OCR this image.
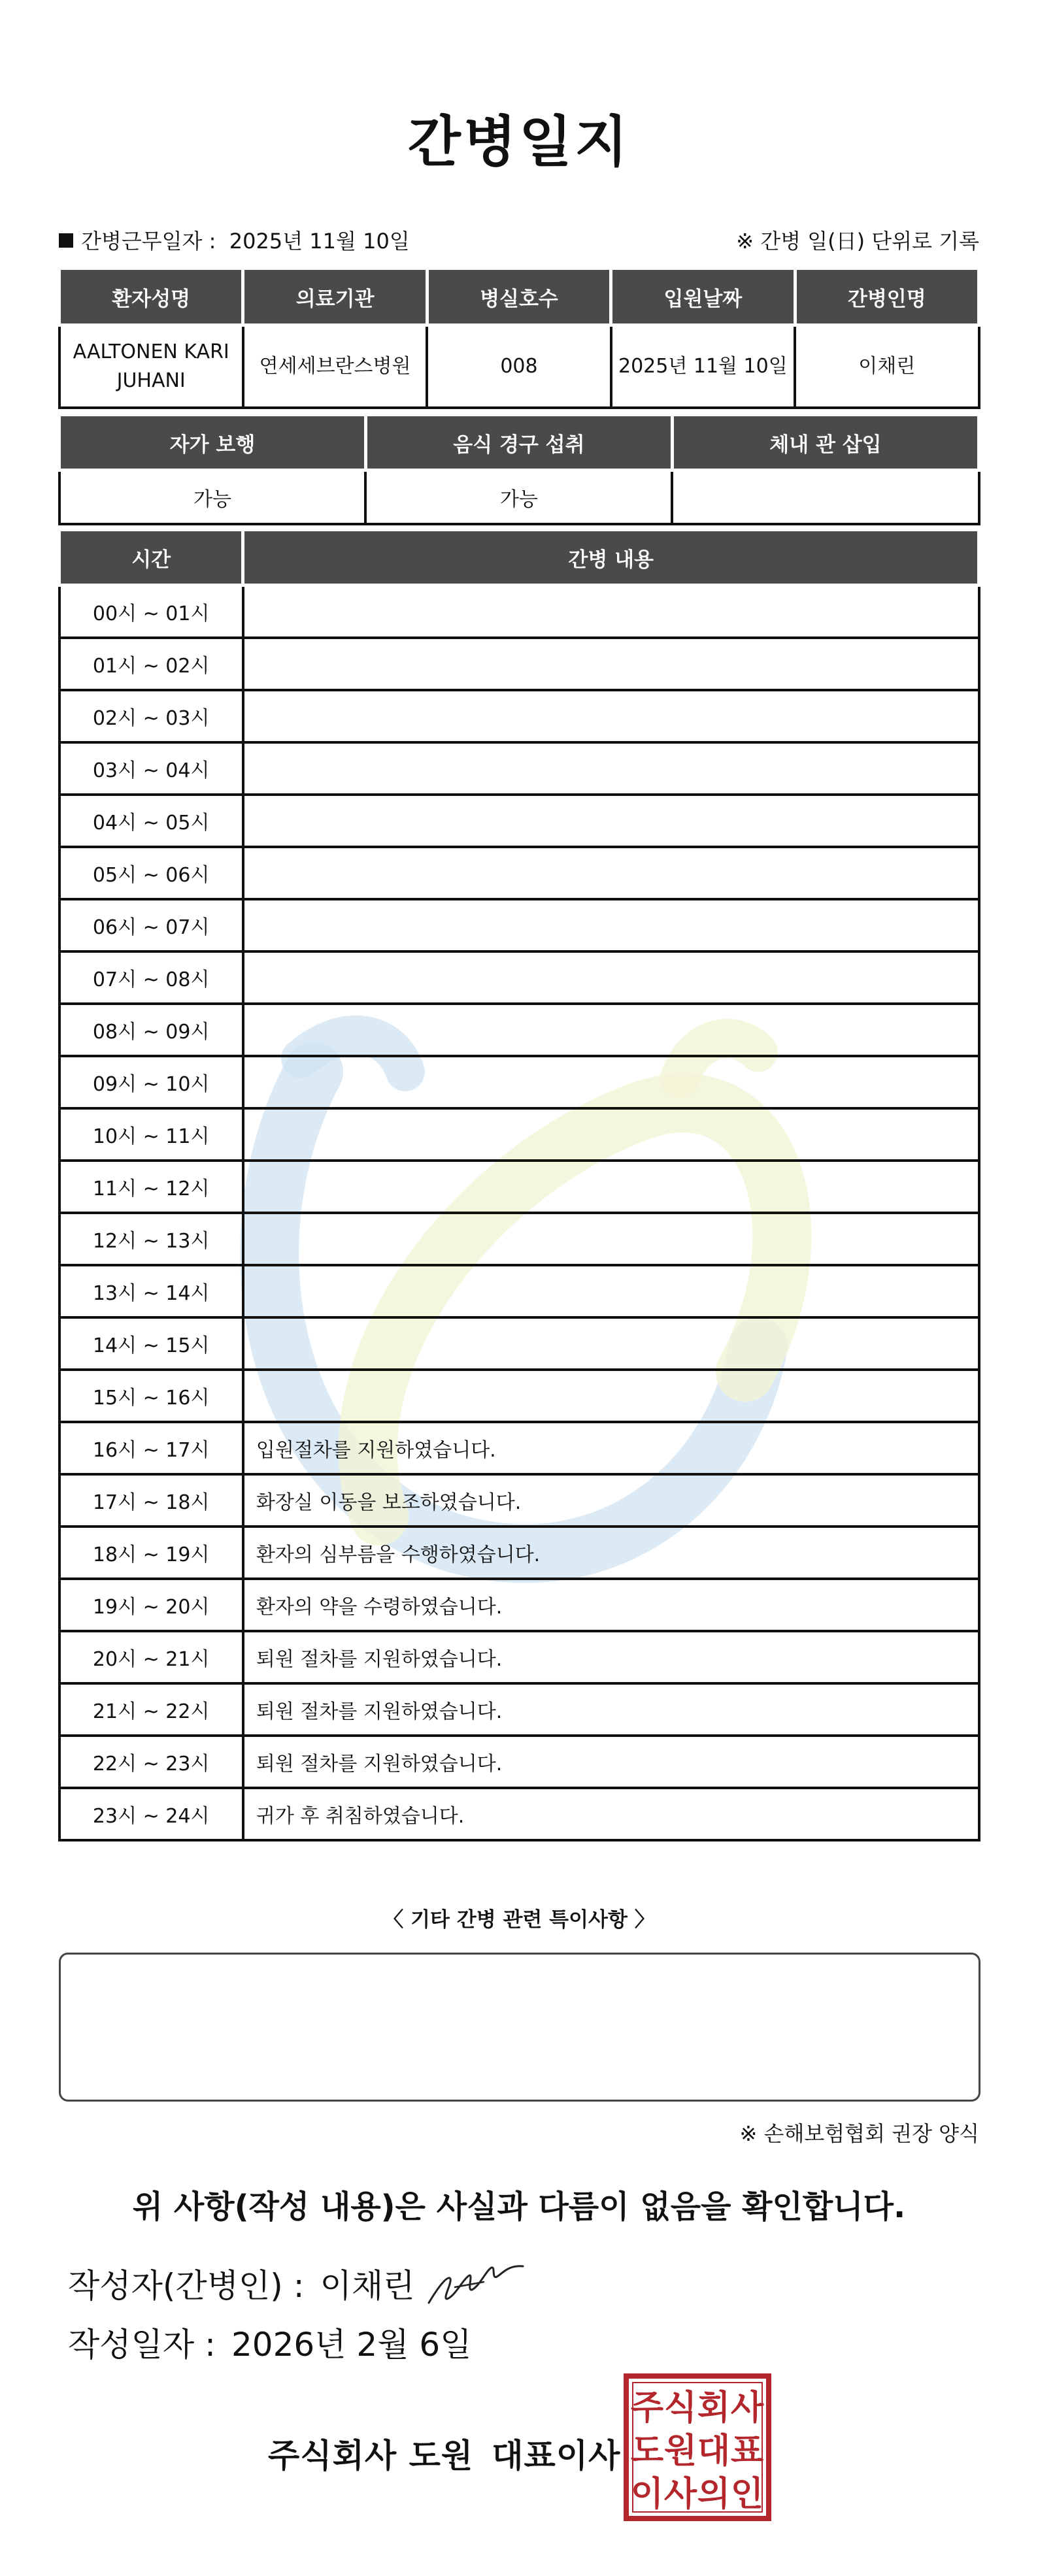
간병일지
간병근무일자 : 2025년 11월 10일	※ 간병 일(日) 단위로 기록
환자성명	의료기관	병실호수	입원날짜	간병인명
AALTONEN KARI JUHANI	연세세브란스병원	008	2025년 11월 10일	이채린
자가 보행	음식 경구 섭취	체내 관 삽입
가능	가능	
시간	간병 내용
00시 ~ 01시	
01시 ~ 02시	
02시 ~ 03시	
03시 ~ 04시	
04시 ~ 05시	
05시 ~ 06시	
06시 ~ 07시	
07시 ~ 08시	
08시 ~ 09시	
09시 ~ 10시	
10시 ~ 11시	
11시 ~ 12시	
12시 ~ 13시	
13시 ~ 14시	
14시 ~ 15시	
15시 ~ 16시	
16시 ~ 17시	입원절차를 지원하였습니다.
17시 ~ 18시	화장실 이동을 보조하였습니다.
18시 ~ 19시	환자의 심부름을 수행하였습니다.
19시 ~ 20시	환자의 약을 수령하였습니다.
20시 ~ 21시	퇴원 절차를 지원하였습니다.
21시 ~ 22시	퇴원 절차를 지원하였습니다.
22시 ~ 23시	퇴원 절차를 지원하였습니다.
23시 ~ 24시	귀가 후 취침하였습니다.
〈 기타 간병 관련 특이사항 〉
※ 손해보험협회 권장 양식
위 사항(작성 내용)은 사실과 다름이 없음을 확인합니다.
작성자(간병인) : 이채린
작성일자 : 2026년 2월 6일
주식회사 도원 대표이사
주 식 회 사
도 원 대 표
이 사 의 인
